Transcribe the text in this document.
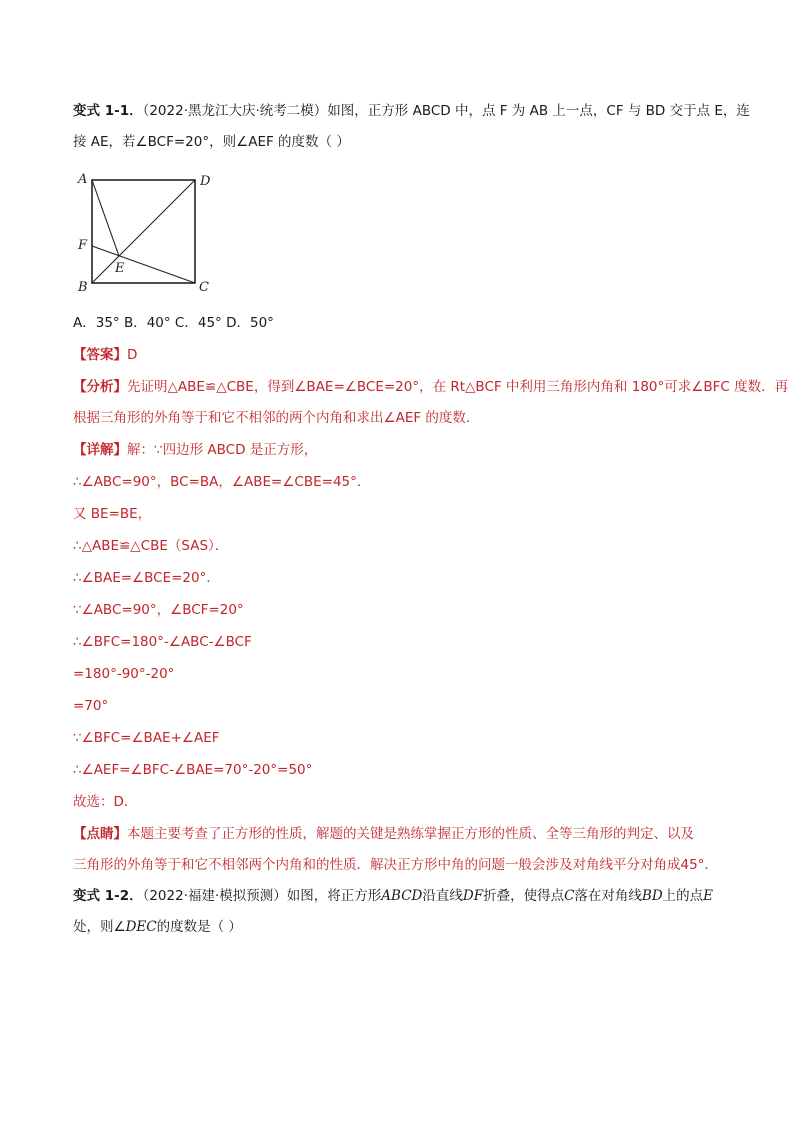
变式 1-1．（2022·黑龙江大庆·统考二模）如图，正方形 ABCD 中，点 F 为 AB 上一点，CF 与 BD 交于点 E，连
接 AE，若∠BCF=20°，则∠AEF 的度数（ ）
A	D
F
E
B	C
A．35° B．40° C．45° D．50°
【答案】D
【分析】先证明△ABE≌△CBE，得到∠BAE=∠BCE=20°，在 Rt△BCF 中利用三角形内角和 180°可求∠BFC 度数．再
根据三角形的外角等于和它不相邻的两个内角和求出∠AEF 的度数．
【详解】解：∵四边形 ABCD 是正方形，
∴∠ABC=90°，BC=BA，∠ABE=∠CBE=45°．
又 BE=BE，
∴△ABE≌△CBE（SAS）．
∴∠BAE=∠BCE=20°．
∵∠ABC=90°，∠BCF=20°
∴∠BFC=180°-∠ABC-∠BCF
=180°-90°-20°
=70°
∵∠BFC=∠BAE+∠AEF
∴∠AEF=∠BFC-∠BAE=70°-20°=50°
故选：D．
【点睛】本题主要考查了正方形的性质，解题的关键是熟练掌握正方形的性质、全等三角形的判定、以及
三角形的外角等于和它不相邻两个内角和的性质．解决正方形中角的问题一般会涉及对角线平分对角成45°．
变式 1-2．（2022·福建·模拟预测）如图，将正方形ABCD沿直线DF折叠，使得点C落在对角线BD上的点E
处，则∠DEC的度数是（ ）
